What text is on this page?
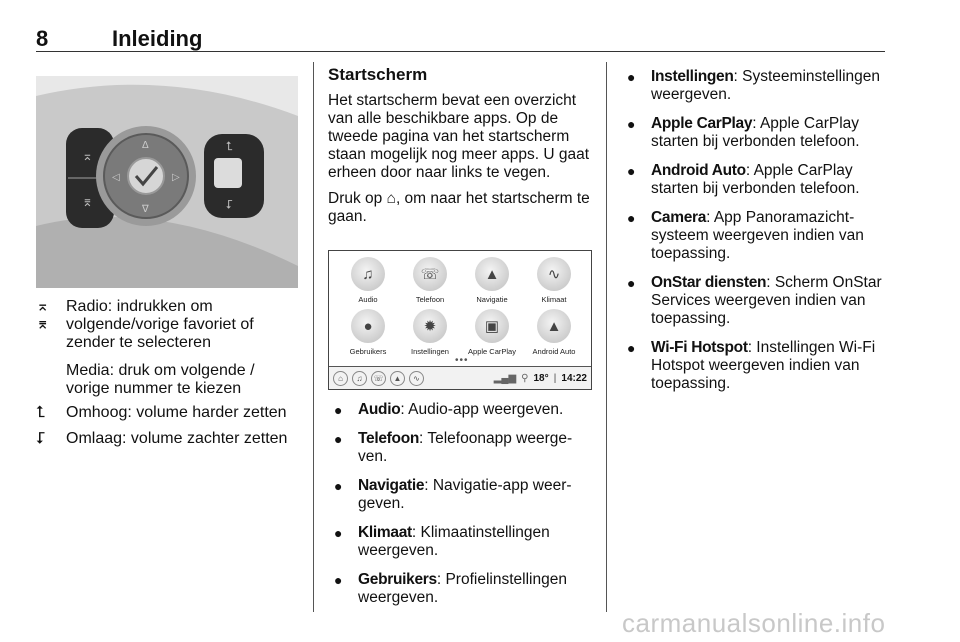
8	Inleiding
⌅
⌆
Δ
∇
◁	▷
⮤
⮦
⌅
⌆
Radio: indrukken om volgende/vorige favoriet of zender te selecteren
Media: druk om volgende / vorige nummer te kiezen
⮤	Omhoog: volume harder zetten
⮦	Omlaag: volume zachter zetten

Startscherm

Het startscherm bevat een overzicht van alle beschikbare apps. Op de tweede pagina van het startscherm staan mogelijk nog meer apps. U gaat erheen door naar links te vegen.

Druk op ⌂, om naar het startscherm te gaan.

♫
Audio
☏
Telefoon
▲
Navigatie
∿
Klimaat
●
Gebruikers
✹
Instellingen
▣
Apple CarPlay
▲
Android Auto
•••
⌂	♫	☏	▲	∿	▂▄▆ ⚲ 18° | 14:22
●	Audio: Audio-app weergeven.
●	Telefoon: Telefoonapp weerge-ven.
●	Navigatie: Navigatie-app weer-geven.
●	Klimaat: Klimaatinstellingen weergeven.
●	Gebruikers: Profielinstellingen weergeven.
●	Instellingen: Systeeminstellingen weergeven.
●	Apple CarPlay: Apple CarPlay starten bij verbonden telefoon.
●	Android Auto: Apple CarPlay starten bij verbonden telefoon.
●	Camera: App Panoramazicht-systeem weergeven indien van toepassing.
●	OnStar diensten: Scherm OnStar Services weergeven indien van toepassing.
●	Wi-Fi Hotspot: Instellingen Wi-Fi Hotspot weergeven indien van toepassing.
carmanualsonline.info
